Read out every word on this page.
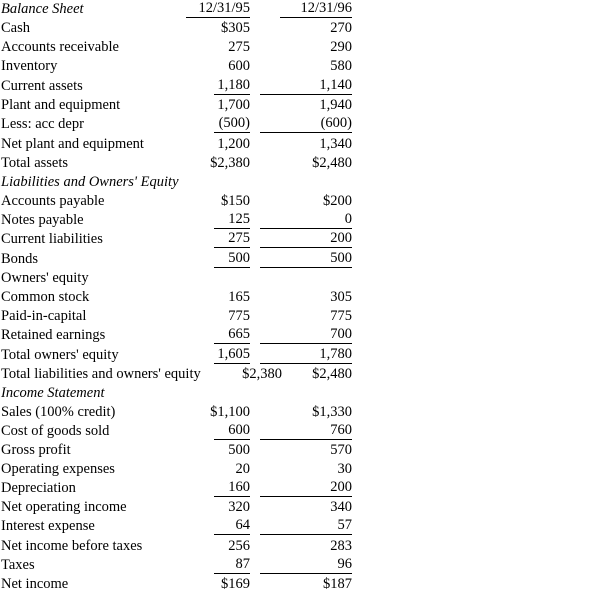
Balance Sheet	12/31/95	12/31/96
Cash	$305	270
Accounts receivable	275	290
Inventory	600	580
Current assets	1,180	1,140
Plant and equipment	1,700	1,940
Less: acc depr	(500)	(600)
Net plant and equipment	1,200	1,340
Total assets	$2,380	$2,480
Liabilities and Owners' Equity
Accounts payable	$150	$200
Notes payable	125	0
Current liabilities	275	200
Bonds	500	500
Owners' equity
Common stock	165	305
Paid-in-capital	775	775
Retained earnings	665	700
Total owners' equity	1,605	1,780
Total liabilities and owners' equity	$2,380	$2,480
Income Statement
Sales (100% credit)	$1,100	$1,330
Cost of goods sold	600	760
Gross profit	500	570
Operating expenses	20	30
Depreciation	160	200
Net operating income	320	340
Interest expense	64	57
Net income before taxes	256	283
Taxes	87	96
Net income	$169	$187
